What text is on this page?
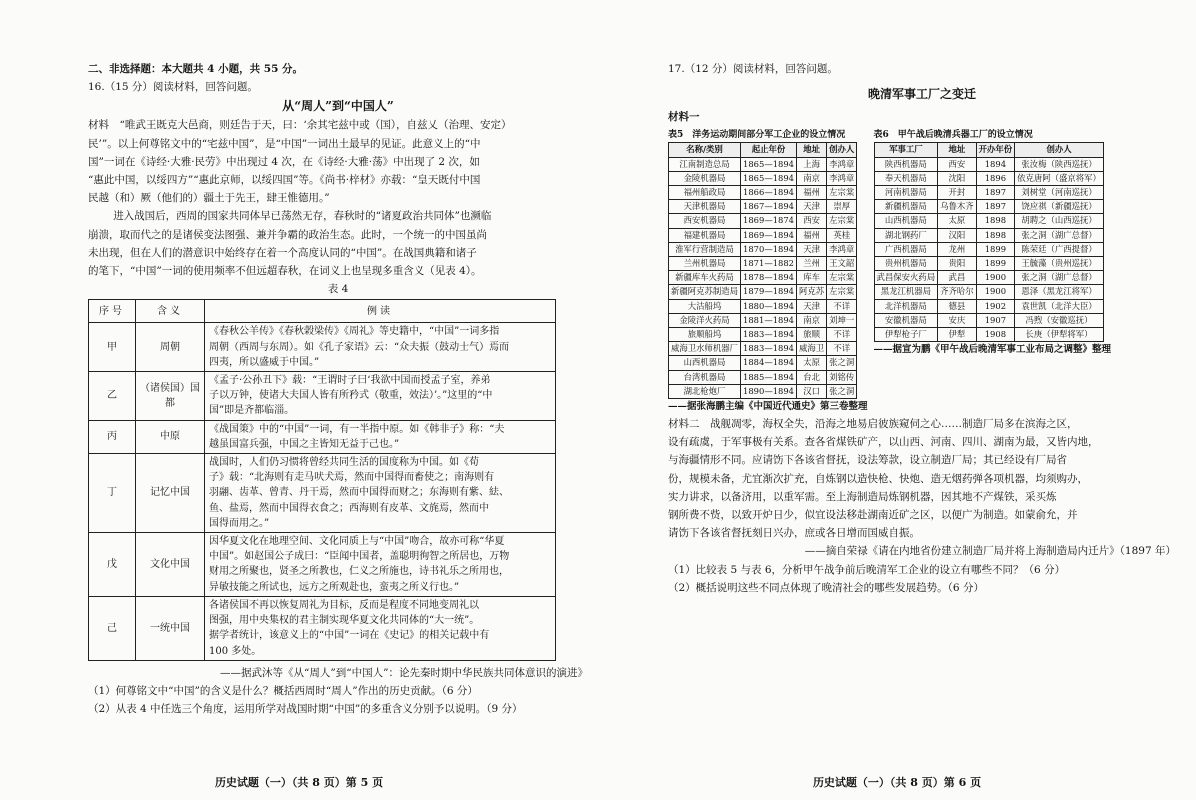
二、非选择题：本大题共 4 小题，共 55 分。
16.（15 分）阅读材料，回答问题。
从“周人”到“中国人”
材料　“唯武王既克大邑商，则廷告于天，曰：‘余其宅兹中或（国），自兹乂（治理、安定）
民’”。以上何尊铭文中的“宅兹中国”，是“中国”一词出土最早的见证。此意义上的“中
国”一词在《诗经·大雅·民劳》中出现过 4 次，在《诗经·大雅·荡》中出现了 2 次，如
“惠此中国，以绥四方”“惠此京师，以绥四国”等。《尚书·梓材》亦载：“皇天既付中国
民越（和）厥（他们的）疆土于先王，肆王惟德用。”
进入战国后，西周的国家共同体早已荡然无存，春秋时的“诸夏政治共同体”也濒临
崩溃，取而代之的是诸侯变法图强、兼并争霸的政治生态。此时，一个统一的中国虽尚
未出现，但在人们的潜意识中始终存在着一个高度认同的“中国”。在战国典籍和诸子
的笔下，“中国”一词的使用频率不但远超春秋，在词义上也呈现多重含义（见表 4）。
表 4
序号	含义	例读
甲	周朝	《春秋公羊传》《春秋榖梁传》《周礼》等史籍中，“中国”一词多指
周朝（西周与东周）。如《孔子家语》云：“众夫振（鼓动士气）焉而
四夷，所以盛威于中国。”

乙	（诸侯国）国都	《孟子·公孙丑下》载：“王谓时子曰‘我欲中国而授孟子室，养弟
子以万钟，使诸大夫国人皆有所矜式（敬重，效法）’。”这里的“中
国”即是齐都临淄。

丙	中原	《战国策》中的“中国”一词，有一半指中原。如《韩非子》称：“夫
越虽国富兵强，中国之主皆知无益于己也。”

丁	记忆中国	战国时，人们仍习惯将曾经共同生活的国度称为中国。如《荀
子》载：“北海则有走马吠犬焉，然而中国得而畜使之；南海则有
羽翮、齿革、曾青、丹干焉，然而中国得而财之；东海则有紫、紶、
鱼、盐焉，然而中国得衣食之；西海则有皮革、文旄焉，然而中
国得而用之。”

戊	文化中国	因华夏文化在地理空间、文化同质上与“中国”吻合，故亦可称“华夏
中国”。如赵国公子成曰：“臣闻中国者，盖聪明徇智之所居也，万物
财用之所聚也，贤圣之所教也，仁义之所施也，诗书礼乐之所用也，
异敏技能之所试也，远方之所观赴也，蛮夷之所义行也。”

己	一统中国	各诸侯国不再以恢复周礼为目标，反而是程度不同地变周礼以
图强，用中央集权的君主制实现华夏文化共同体的“大一统”。
据学者统计，该意义上的“中国”一词在《史记》的相关记载中有
100 多处。
——据武沐等《从“周人”到“中国人”：论先秦时期中华民族共同体意识的演进》
（1）何尊铭文中“中国”的含义是什么？概括西周时“周人”作出的历史贡献。（6 分）
（2）从表 4 中任选三个角度，运用所学对战国时期“中国”的多重含义分别予以说明。（9 分）
历史试题（一）（共 8 页）第 5 页
17.（12 分）阅读材料，回答问题。
晚清军事工厂之变迁
材料一
表5　洋务运动期间部分军工企业的设立情况
名称/类别	起止年份	地址	创办人
江南制造总局	1865—1894	上海	李鸿章
金陵机器局	1865—1894	南京	李鸿章
福州船政局	1866—1894	福州	左宗棠
天津机器局	1867—1894	天津	崇厚
西安机器局	1869—1874	西安	左宗棠
福建机器局	1869—1894	福州	英桂
淮军行营制造局	1870—1894	天津	李鸿章
兰州机器局	1871—1882	兰州	王文韶
新疆库车火药局	1878—1894	库车	左宗棠
新疆阿克苏制造局	1879—1894	阿克苏	左宗棠
大沽船坞	1880—1894	天津	不详
金陵洋火药局	1881—1894	南京	刘坤一
旅顺船坞	1883—1894	旅顺	不详
威海卫水师机器厂	1883—1894	威海卫	不详
山西机器局	1884—1894	太原	张之洞
台湾机器局	1885—1894	台北	刘铭传
湖北枪炮厂	1890—1894	汉口	张之洞
——据张海鹏主编《中国近代通史》第三卷整理
表6　甲午战后晚清兵器工厂的设立情况
军事工厂	地址	开办年份	创办人
陕西机器局	西安	1894	张汝梅（陕西巡抚）
奉天机器局	沈阳	1896	依克唐阿（盛京将军）
河南机器局	开封	1897	刘树堂（河南巡抚）
新疆机器局	乌鲁木齐	1897	饶应祺（新疆巡抚）
山西机器局	太原	1898	胡聘之（山西巡抚）
湖北钢药厂	汉阳	1898	张之洞（湖广总督）
广西机器局	龙州	1899	陈荣廷（广西提督）
贵州机器局	贵阳	1899	王毓藻（贵州巡抚）
武昌保安火药局	武昌	1900	张之洞（湖广总督）
黑龙江机器局	齐齐哈尔	1900	恩泽（黑龙江将军）
北洋机器局	德县	1902	袁世凯（北洋大臣）
安徽机器局	安庆	1907	冯煦（安徽巡抚）
伊犁枪子厂	伊犁	1908	长庚（伊犁将军）
——据宣为鹏《甲午战后晚清军事工业布局之调整》整理
材料二　战舰凋零，海权全失，沿海之地易启彼族窥伺之心……制造厂局多在滨海之区，
设有疏虞，于军事极有关系。查各省煤铁矿产，以山西、河南、四川、湖南为最，又皆内地，
与海疆情形不同。应请饬下各该省督抚，设法筹款，设立制造厂局；其已经设有厂局省
份，规模未备，尤宜渐次扩充，自炼钢以造快枪、快炮、造无烟药弹各项机器，均须购办，
实力讲求，以备济用，以重军需。至上海制造局炼钢机器，因其地不产煤铁，采买炼
钢所费不赀，以致开炉日少，似宜设法移赴湖南近矿之区，以便广为制造。如蒙俞允，并
请饬下各该省督抚刻日兴办，庶或各日增而国威自振。
——摘自荣禄《请在内地省份建立制造厂局并将上海制造局内迁片》（1897 年）
（1）比较表 5 与表 6，分析甲午战争前后晚清军工企业的设立有哪些不同？（6 分）
（2）概括说明这些不同点体现了晚清社会的哪些发展趋势。（6 分）
历史试题（一）（共 8 页）第 6 页
